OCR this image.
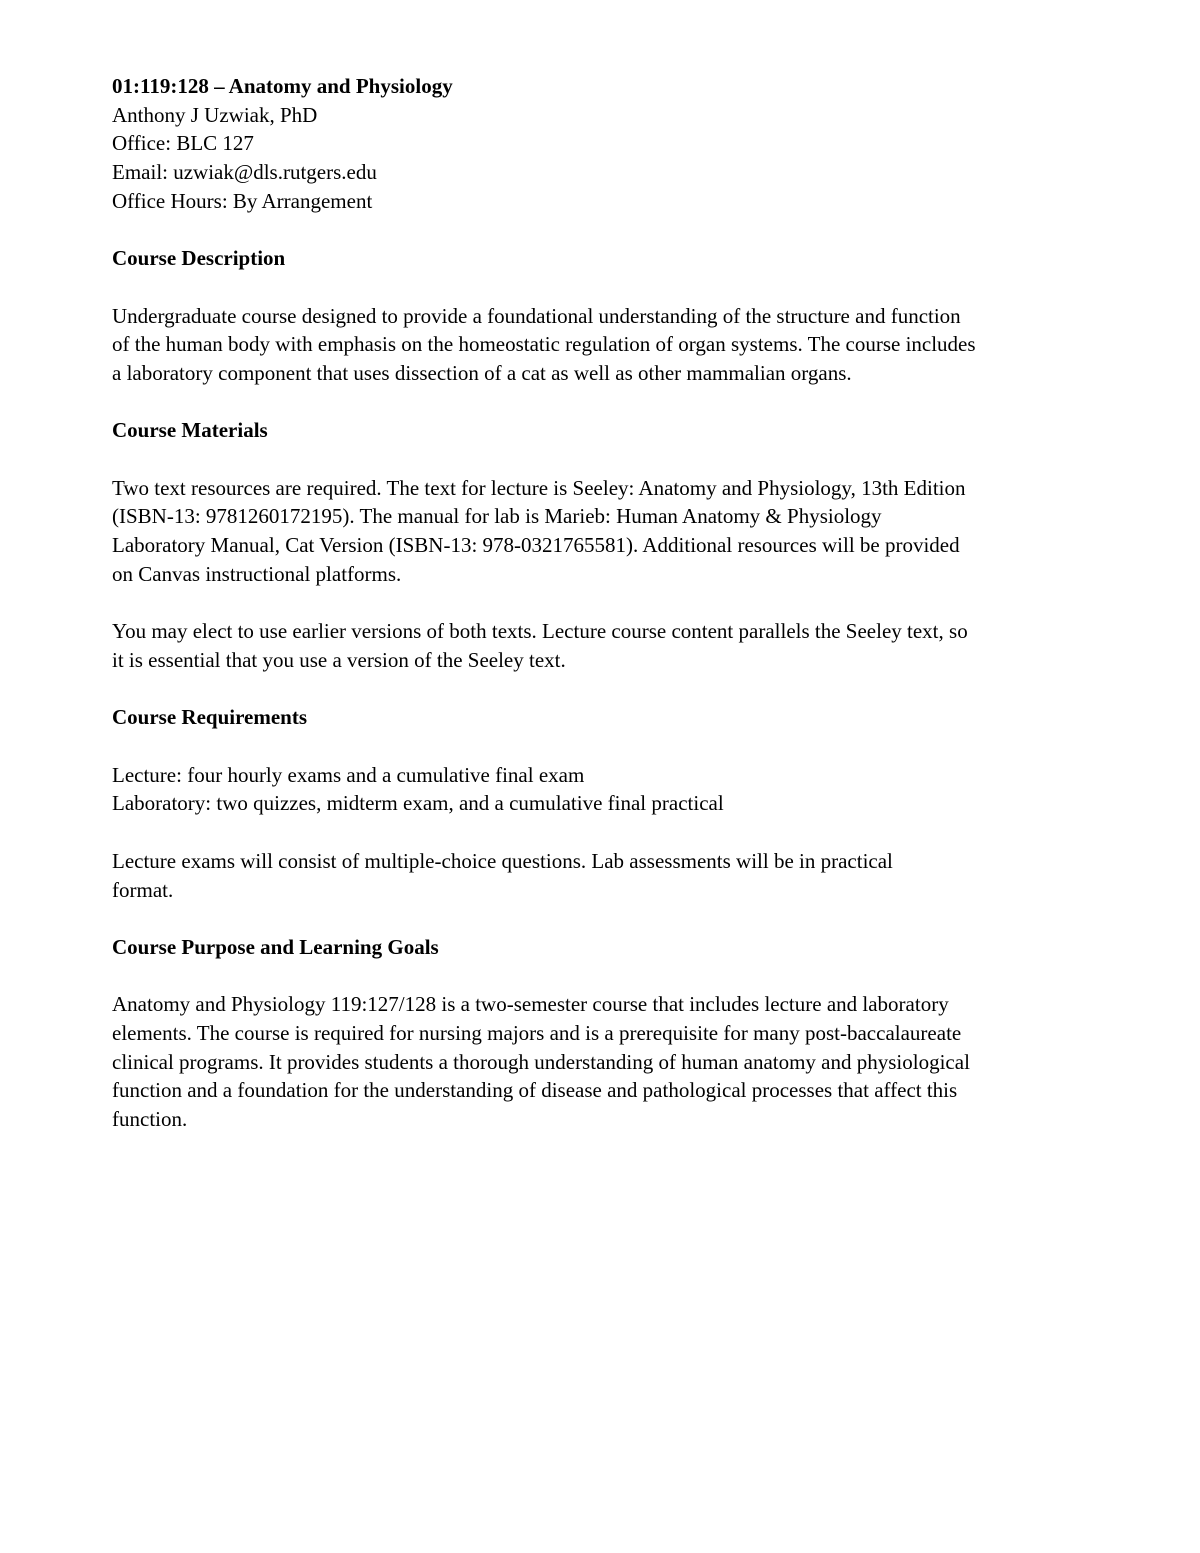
01:119:128 – Anatomy and Physiology
Anthony J Uzwiak, PhD
Office: BLC 127
Email: uzwiak@dls.rutgers.edu
Office Hours: By Arrangement
Course Description
Undergraduate course designed to provide a foundational understanding of the structure and function
of the human body with emphasis on the homeostatic regulation of organ systems. The course includes
a laboratory component that uses dissection of a cat as well as other mammalian organs.
Course Materials
Two text resources are required. The text for lecture is Seeley: Anatomy and Physiology, 13th Edition
(ISBN-13: 9781260172195). The manual for lab is Marieb: Human Anatomy & Physiology
Laboratory Manual, Cat Version (ISBN-13: 978-0321765581). Additional resources will be provided
on Canvas instructional platforms.
You may elect to use earlier versions of both texts. Lecture course content parallels the Seeley text, so
it is essential that you use a version of the Seeley text.
Course Requirements
Lecture: four hourly exams and a cumulative final exam
Laboratory: two quizzes, midterm exam, and a cumulative final practical
Lecture exams will consist of multiple-choice questions. Lab assessments will be in practical
format.
Course Purpose and Learning Goals
Anatomy and Physiology 119:127/128 is a two-semester course that includes lecture and laboratory
elements. The course is required for nursing majors and is a prerequisite for many post-baccalaureate
clinical programs. It provides students a thorough understanding of human anatomy and physiological
function and a foundation for the understanding of disease and pathological processes that affect this
function.
